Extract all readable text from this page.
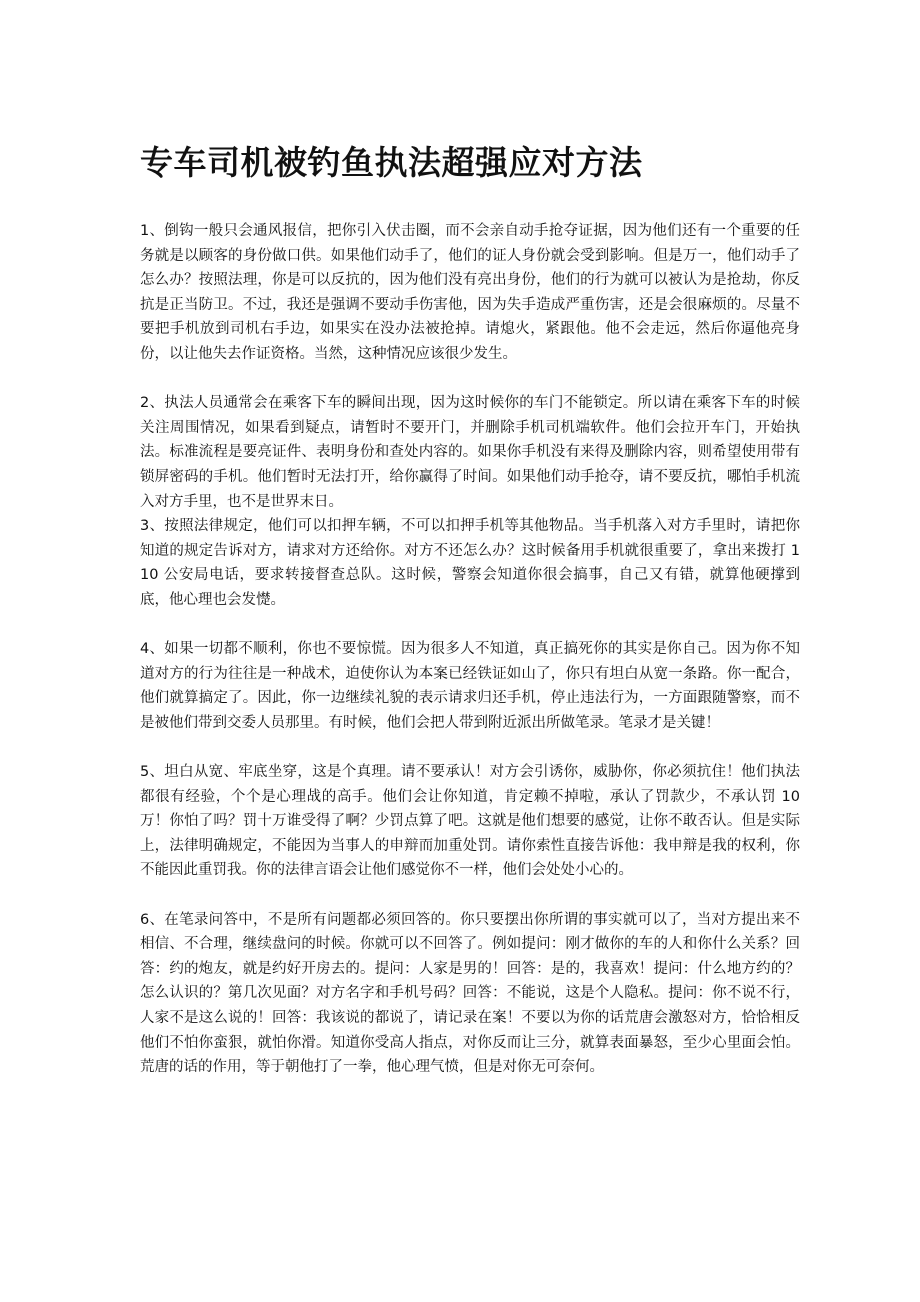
专车司机被钓鱼执法超强应对方法

1、倒钩一般只会通风报信，把你引入伏击圈，而不会亲自动手抢夺证据，因为他们还有一个重要的任务就是以顾客的身份做口供。如果他们动手了，他们的证人身份就会受到影响。但是万一，他们动手了怎么办？按照法理，你是可以反抗的，因为他们没有亮出身份，他们的行为就可以被认为是抢劫，你反抗是正当防卫。不过，我还是强调不要动手伤害他，因为失手造成严重伤害，还是会很麻烦的。尽量不要把手机放到司机右手边，如果实在没办法被抢掉。请熄火，紧跟他。他不会走远，然后你逼他亮身份，以让他失去作证资格。当然，这种情况应该很少发生。

2、执法人员通常会在乘客下车的瞬间出现，因为这时候你的车门不能锁定。所以请在乘客下车的时候关注周围情况，如果看到疑点，请暂时不要开门，并删除手机司机端软件。他们会拉开车门，开始执法。标准流程是要亮证件、表明身份和查处内容的。如果你手机没有来得及删除内容，则希望使用带有锁屏密码的手机。他们暂时无法打开，给你赢得了时间。如果他们动手抢夺，请不要反抗，哪怕手机流入对方手里，也不是世界末日。

3、按照法律规定，他们可以扣押车辆，不可以扣押手机等其他物品。当手机落入对方手里时，请把你知道的规定告诉对方，请求对方还给你。对方不还怎么办？这时候备用手机就很重要了，拿出来拨打 110 公安局电话，要求转接督查总队。这时候，警察会知道你很会搞事，自己又有错，就算他硬撑到底，他心理也会发憷。

4、如果一切都不顺利，你也不要惊慌。因为很多人不知道，真正搞死你的其实是你自己。因为你不知道对方的行为往往是一种战术，迫使你认为本案已经铁证如山了，你只有坦白从宽一条路。你一配合，他们就算搞定了。因此，你一边继续礼貌的表示请求归还手机，停止违法行为，一方面跟随警察，而不是被他们带到交委人员那里。有时候，他们会把人带到附近派出所做笔录。笔录才是关键！

5、坦白从宽、牢底坐穿，这是个真理。请不要承认！对方会引诱你，威胁你，你必须抗住！他们执法都很有经验，个个是心理战的高手。他们会让你知道，肯定赖不掉啦，承认了罚款少，不承认罚 10 万！你怕了吗？罚十万谁受得了啊？少罚点算了吧。这就是他们想要的感觉，让你不敢否认。但是实际上，法律明确规定，不能因为当事人的申辩而加重处罚。请你索性直接告诉他：我申辩是我的权利，你不能因此重罚我。你的法律言语会让他们感觉你不一样，他们会处处小心的。

6、在笔录问答中，不是所有问题都必须回答的。你只要摆出你所谓的事实就可以了，当对方提出来不相信、不合理，继续盘问的时候。你就可以不回答了。例如提问：刚才做你的车的人和你什么关系？回答：约的炮友，就是约好开房去的。提问：人家是男的！回答：是的，我喜欢！提问：什么地方约的？怎么认识的？第几次见面？对方名字和手机号码？回答：不能说，这是个人隐私。提问：你不说不行，人家不是这么说的！回答：我该说的都说了，请记录在案！不要以为你的话荒唐会激怒对方，恰恰相反他们不怕你蛮狠，就怕你滑。知道你受高人指点，对你反而让三分，就算表面暴怒，至少心里面会怕。荒唐的话的作用，等于朝他打了一拳，他心理气愤，但是对你无可奈何。
